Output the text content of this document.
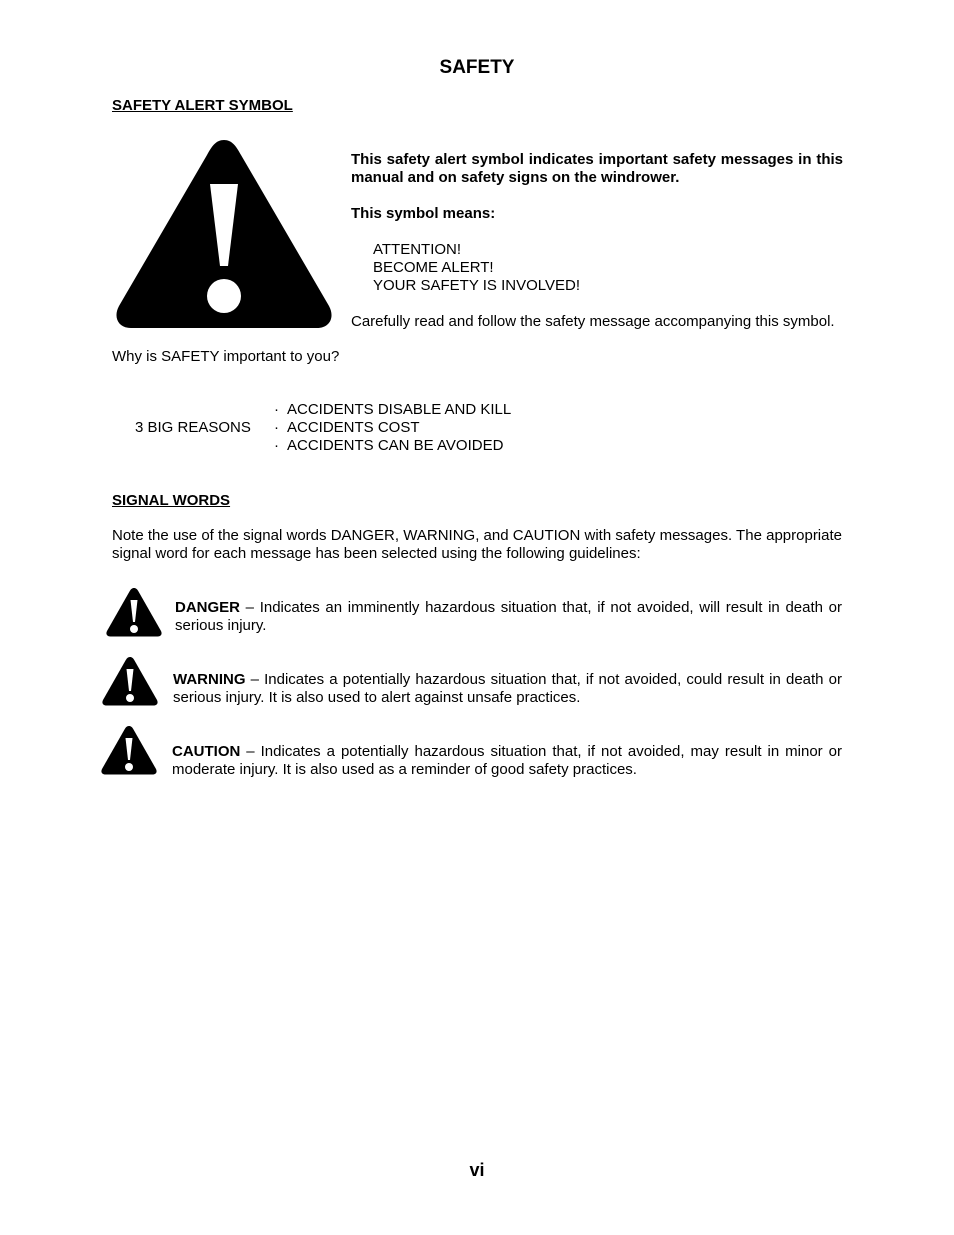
SAFETY
SAFETY ALERT SYMBOL

This safety alert symbol indicates important safety messages in this manual and on safety signs on the windrower.

This symbol means:

ATTENTION!
BECOME ALERT!
YOUR SAFETY IS INVOLVED!

Carefully read and follow the safety message accompanying this symbol.

Why is SAFETY important to you?
3 BIG REASONS
· ACCIDENTS DISABLE AND KILL
· ACCIDENTS COST
· ACCIDENTS CAN BE AVOIDED
SIGNAL WORDS
Note the use of the signal words DANGER, WARNING, and CAUTION with safety messages. The appropriate signal word for each message has been selected using the following guidelines:
DANGER – Indicates an imminently hazardous situation that, if not avoided, will result in death or serious injury.
WARNING – Indicates a potentially hazardous situation that, if not avoided, could result in death or serious injury. It is also used to alert against unsafe practices.
CAUTION – Indicates a potentially hazardous situation that, if not avoided, may result in minor or moderate injury. It is also used as a reminder of good safety practices.
vi
